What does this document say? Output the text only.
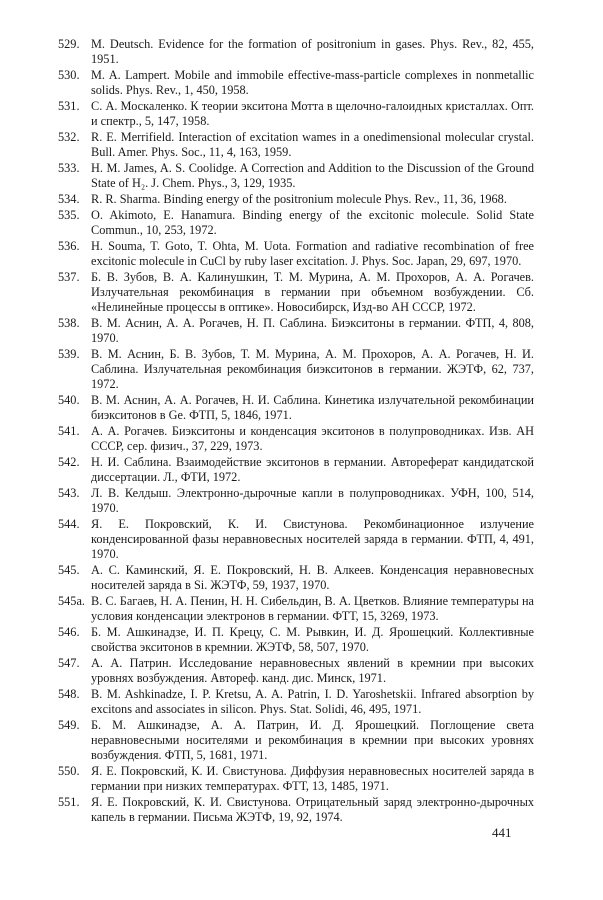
529. M. Deutsch. Evidence for the formation of positronium in gases. Phys. Rev., 82, 455, 1951.
530. M. A. Lampert. Mobile and immobile effective-mass-particle complexes in nonmetallic solids. Phys. Rev., 1, 450, 1958.
531. С. А. Москаленко. К теории экситона Мотта в щелочно-галоидных кристаллах. Опт. и спектр., 5, 147, 1958.
532. R. E. Merrifield. Interaction of excitation wames in a onedimensional molecular crystal. Bull. Amer. Phys. Soc., 11, 4, 163, 1959.
533. H. M. James, A. S. Coolidge. A Correction and Addition to the Discussion of the Ground State of H₂. J. Chem. Phys., 3, 129, 1935.
534. R. R. Sharma. Binding energy of the positronium molecule Phys. Rev., 11, 36, 1968.
535. O. Akimoto, E. Hanamura. Binding energy of the excitonic molecule. Solid State Commun., 10, 253, 1972.
536. H. Souma, T. Goto, T. Ohta, M. Uota. Formation and radiative recombination of free excitonic molecule in CuCl by ruby laser excitation. J. Phys. Soc. Japan, 29, 697, 1970.
537. Б. В. Зубов, В. А. Калинушкин, Т. М. Мурина, А. М. Прохоров, А. А. Рогачев. Излучательная рекомбинация в германии при объемном возбуждении. Сб. «Нелинейные процессы в оптике». Новосибирск, Изд-во АН СССР, 1972.
538. В. М. Аснин, А. А. Рогачев, Н. П. Саблина. Биэкситоны в германии. ФТП, 4, 808, 1970.
539. В. М. Аснин, Б. В. Зубов, Т. М. Мурина, А. М. Прохоров, А. А. Рогачев, Н. И. Саблина. Излучательная рекомбинация биэкситонов в германии. ЖЭТФ, 62, 737, 1972.
540. В. М. Аснин, А. А. Рогачев, Н. И. Саблина. Кинетика излучательной рекомбинации биэкситонов в Ge. ФТП, 5, 1846, 1971.
541. А. А. Рогачев. Биэкситоны и конденсация экситонов в полупроводниках. Изв. АН СССР, сер. физич., 37, 229, 1973.
542. Н. И. Саблина. Взаимодействие экситонов в германии. Автореферат кандидатской диссертации. Л., ФТИ, 1972.
543. Л. В. Келдыш. Электронно-дырочные капли в полупроводниках. УФН, 100, 514, 1970.
544. Я. Е. Покровский, К. И. Свистунова. Рекомбинационное излучение конденсированной фазы неравновесных носителей заряда в германии. ФТП, 4, 491, 1970.
545. А. С. Каминский, Я. Е. Покровский, Н. В. Алкеев. Конденсация неравновесных носителей заряда в Si. ЖЭТФ, 59, 1937, 1970.
545a. В. С. Багаев, Н. А. Пенин, Н. Н. Сибельдин, В. А. Цветков. Влияние температуры на условия конденсации электронов в германии. ФТТ, 15, 3269, 1973.
546. Б. М. Ашкинадзе, И. П. Крецу, С. М. Рывкин, И. Д. Ярошецкий. Коллективные свойства экситонов в кремнии. ЖЭТФ, 58, 507, 1970.
547. А. А. Патрин. Исследование неравновесных явлений в кремнии при высоких уровнях возбуждения. Автореф. канд. дис. Минск, 1971.
548. B. M. Ashkinadze, I. P. Kretsu, A. A. Patrin, I. D. Yaroshetskii. Infrared absorption by excitons and associates in silicon. Phys. Stat. Solidi, 46, 495, 1971.
549. Б. М. Ашкинадзе, А. А. Патрин, И. Д. Ярошецкий. Поглощение света неравновесными носителями и рекомбинация в кремнии при высоких уровнях возбуждения. ФТП, 5, 1681, 1971.
550. Я. Е. Покровский, К. И. Свистунова. Диффузия неравновесных носителей заряда в германии при низких температурах. ФТТ, 13, 1485, 1971.
551. Я. Е. Покровский, К. И. Свистунова. Отрицательный заряд электронно-дырочных капель в германии. Письма ЖЭТФ, 19, 92, 1974.
441
